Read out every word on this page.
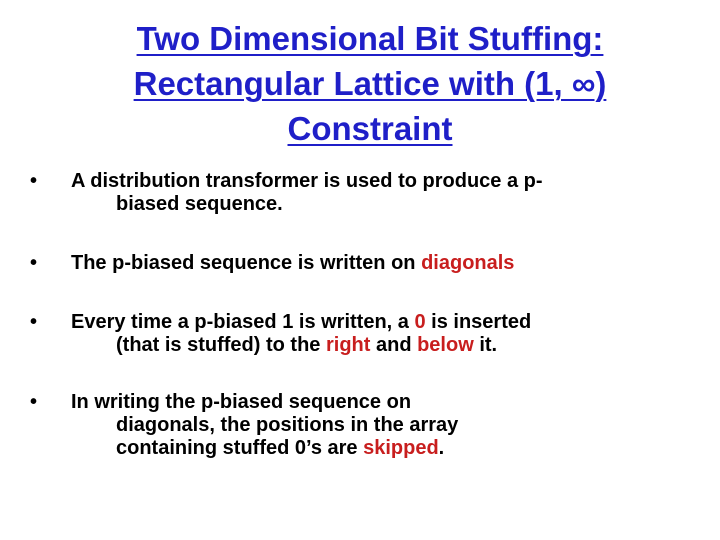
Two Dimensional Bit Stuffing:
Rectangular Lattice with (1, ∞)
Constraint
•	A distribution transformer is used to produce a p-
biased sequence.
•	The p-biased sequence is written on diagonals
•	Every time a p-biased 1 is written, a 0 is inserted
(that is stuffed) to the right and below it.
•	In writing the p-biased sequence on
diagonals, the positions in the array
containing stuffed 0’s are skipped.
